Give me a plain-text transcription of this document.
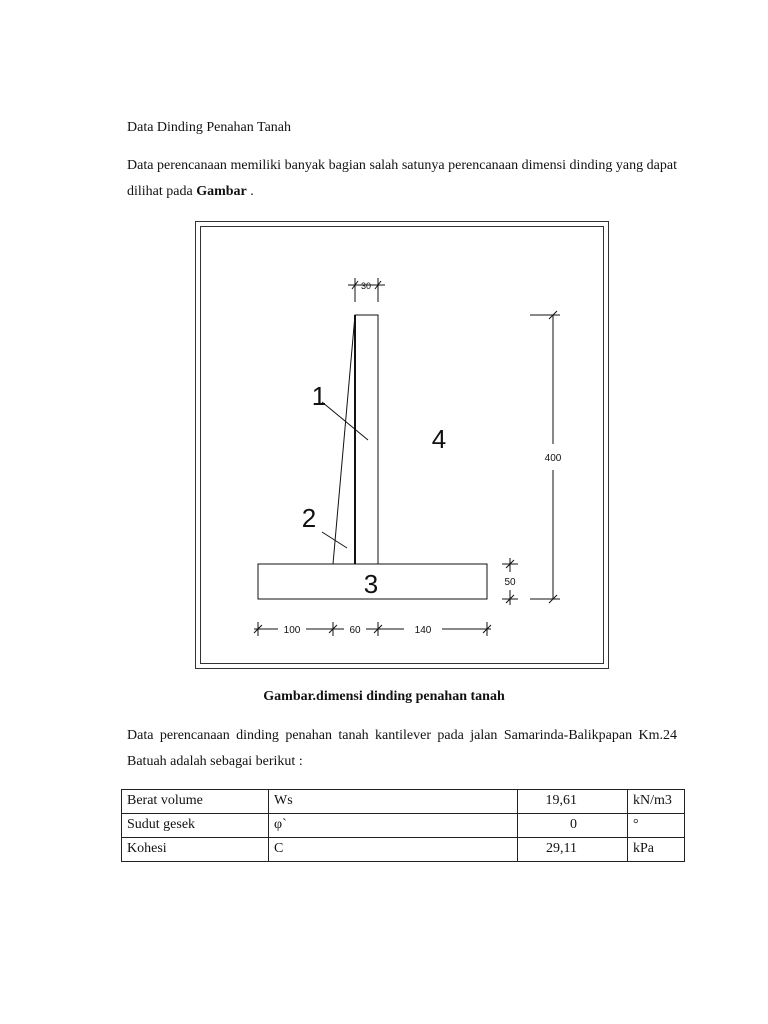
Data Dinding Penahan Tanah
Data perencanaan memiliki banyak bagian salah satunya perencanaan dimensi dinding yang dapat dilihat pada Gambar .
30
400
50
100	60	140
1
2
3
4
Gambar.dimensi dinding penahan tanah
Data perencanaan dinding penahan tanah kantilever pada jalan Samarinda-Balikpapan Km.24 Batuah adalah sebagai berikut :
Berat volume	Ws	19,61	kN/m3
Sudut gesek	φ`	0	°
Kohesi	C	29,11	kPa
